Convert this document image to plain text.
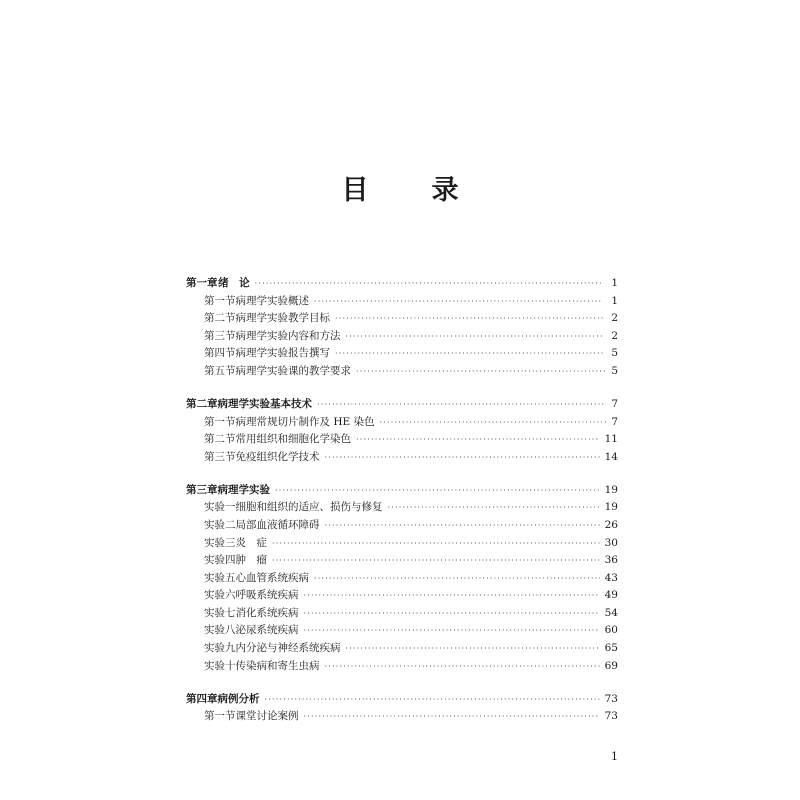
目　录
第一章 绪　论 ·····	1
第一节 病理学实验概述 ·····	1
第二节 病理学实验教学目标 ·····	2
第三节 病理学实验内容和方法 ·····	2
第四节 病理学实验报告撰写 ·····	5
第五节 病理学实验课的教学要求 ·····	5
第二章 病理学实验基本技术 ·····	7
第一节 病理常规切片制作及 HE 染色 ·····	7
第二节 常用组织和细胞化学染色 ·····	11
第三节 免疫组织化学技术 ·····	14
第三章 病理学实验 ·····	19
实验一 细胞和组织的适应、损伤与修复 ·····	19
实验二 局部血液循环障碍 ·····	26
实验三 炎　症 ·····	30
实验四 肿　瘤 ·····	36
实验五 心血管系统疾病 ·····	43
实验六 呼吸系统疾病 ·····	49
实验七 消化系统疾病 ·····	54
实验八 泌尿系统疾病 ·····	60
实验九 内分泌与神经系统疾病 ·····	65
实验十 传染病和寄生虫病 ·····	69
第四章 病例分析 ·····	73
第一节 课堂讨论案例 ·····	73
1
